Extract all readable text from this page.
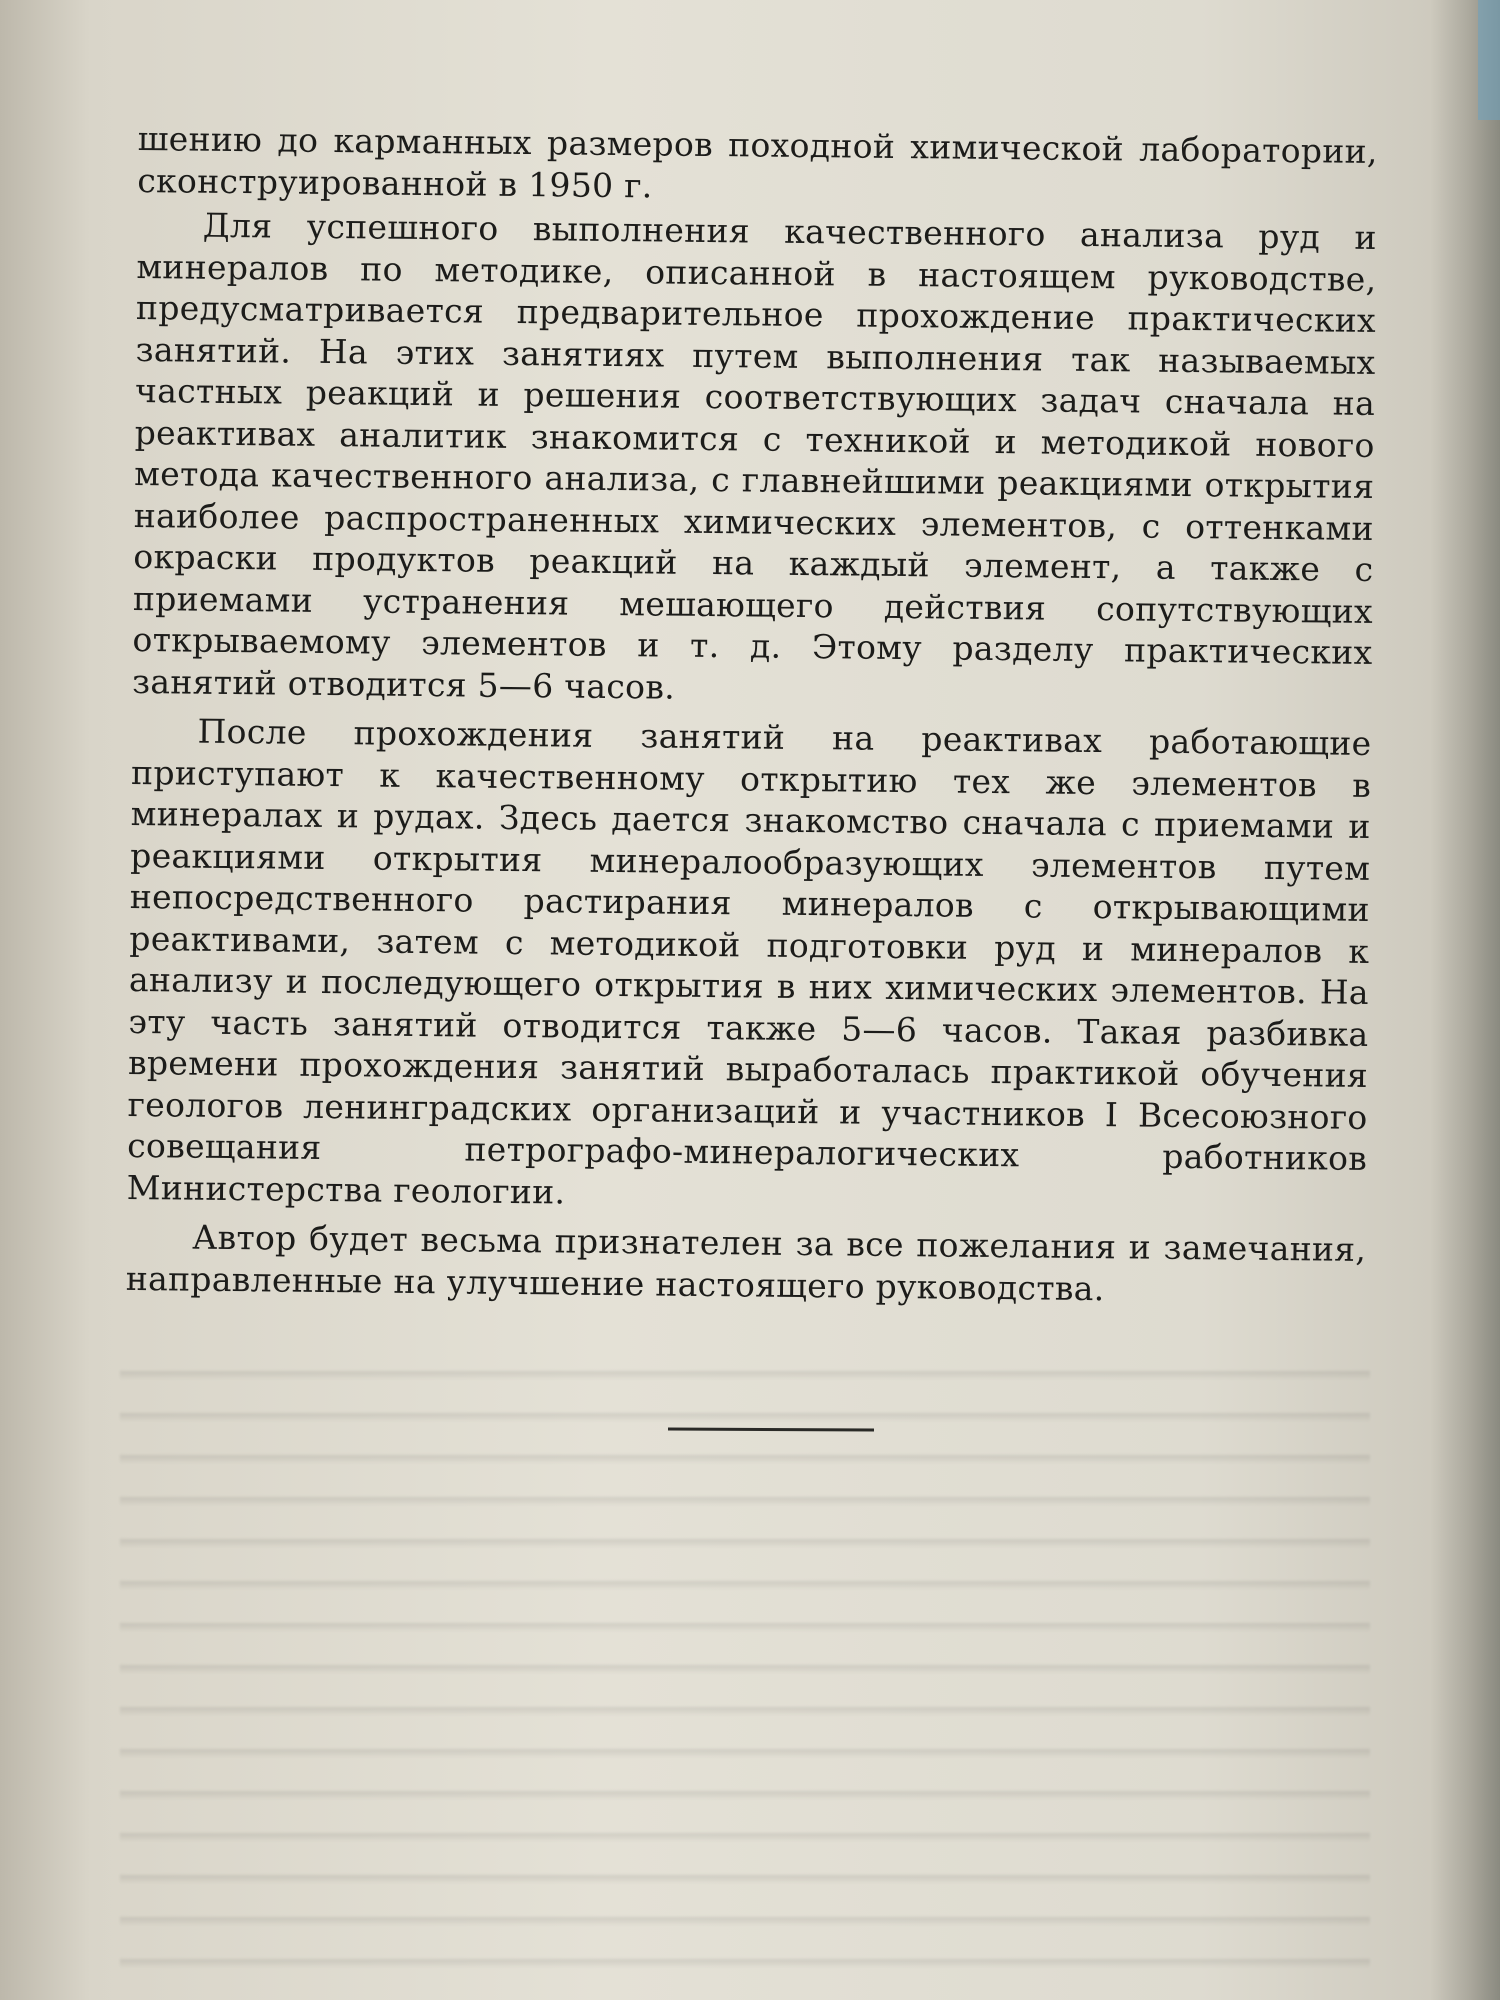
шению до карманных размеров походной химической лаборатории, сконструированной в 1950 г.

Для успешного выполнения качественного анализа руд и минералов по методике, описанной в настоящем руководстве, предусматривается предварительное прохождение практических занятий. На этих занятиях путем выполнения так называемых частных реакций и решения соответствующих задач сначала на реактивах аналитик знакомится с техникой и методикой нового метода качественного анализа, с главнейшими реакциями открытия наиболее распространенных химических элементов, с оттенками окраски продуктов реакций на каждый элемент, а также с приемами устранения мешающего действия сопутствующих открываемому элементов и т. д. Этому разделу практических занятий отводится 5—6 часов.

После прохождения занятий на реактивах работающие приступают к качественному открытию тех же элементов в минералах и рудах. Здесь дается знакомство сначала с приемами и реакциями открытия минералообразующих элементов путем непосредственного растирания минералов с открывающими реактивами, затем с методикой подготовки руд и минералов к анализу и последующего открытия в них химических элементов. На эту часть занятий отводится также 5—6 часов. Такая разбивка времени прохождения занятий выработалась практикой обучения геологов ленинградских организаций и участников I Всесоюзного совещания петрографо-минералогических работников Министерства геологии.

Автор будет весьма признателен за все пожелания и замечания, направленные на улучшение настоящего руководства.
